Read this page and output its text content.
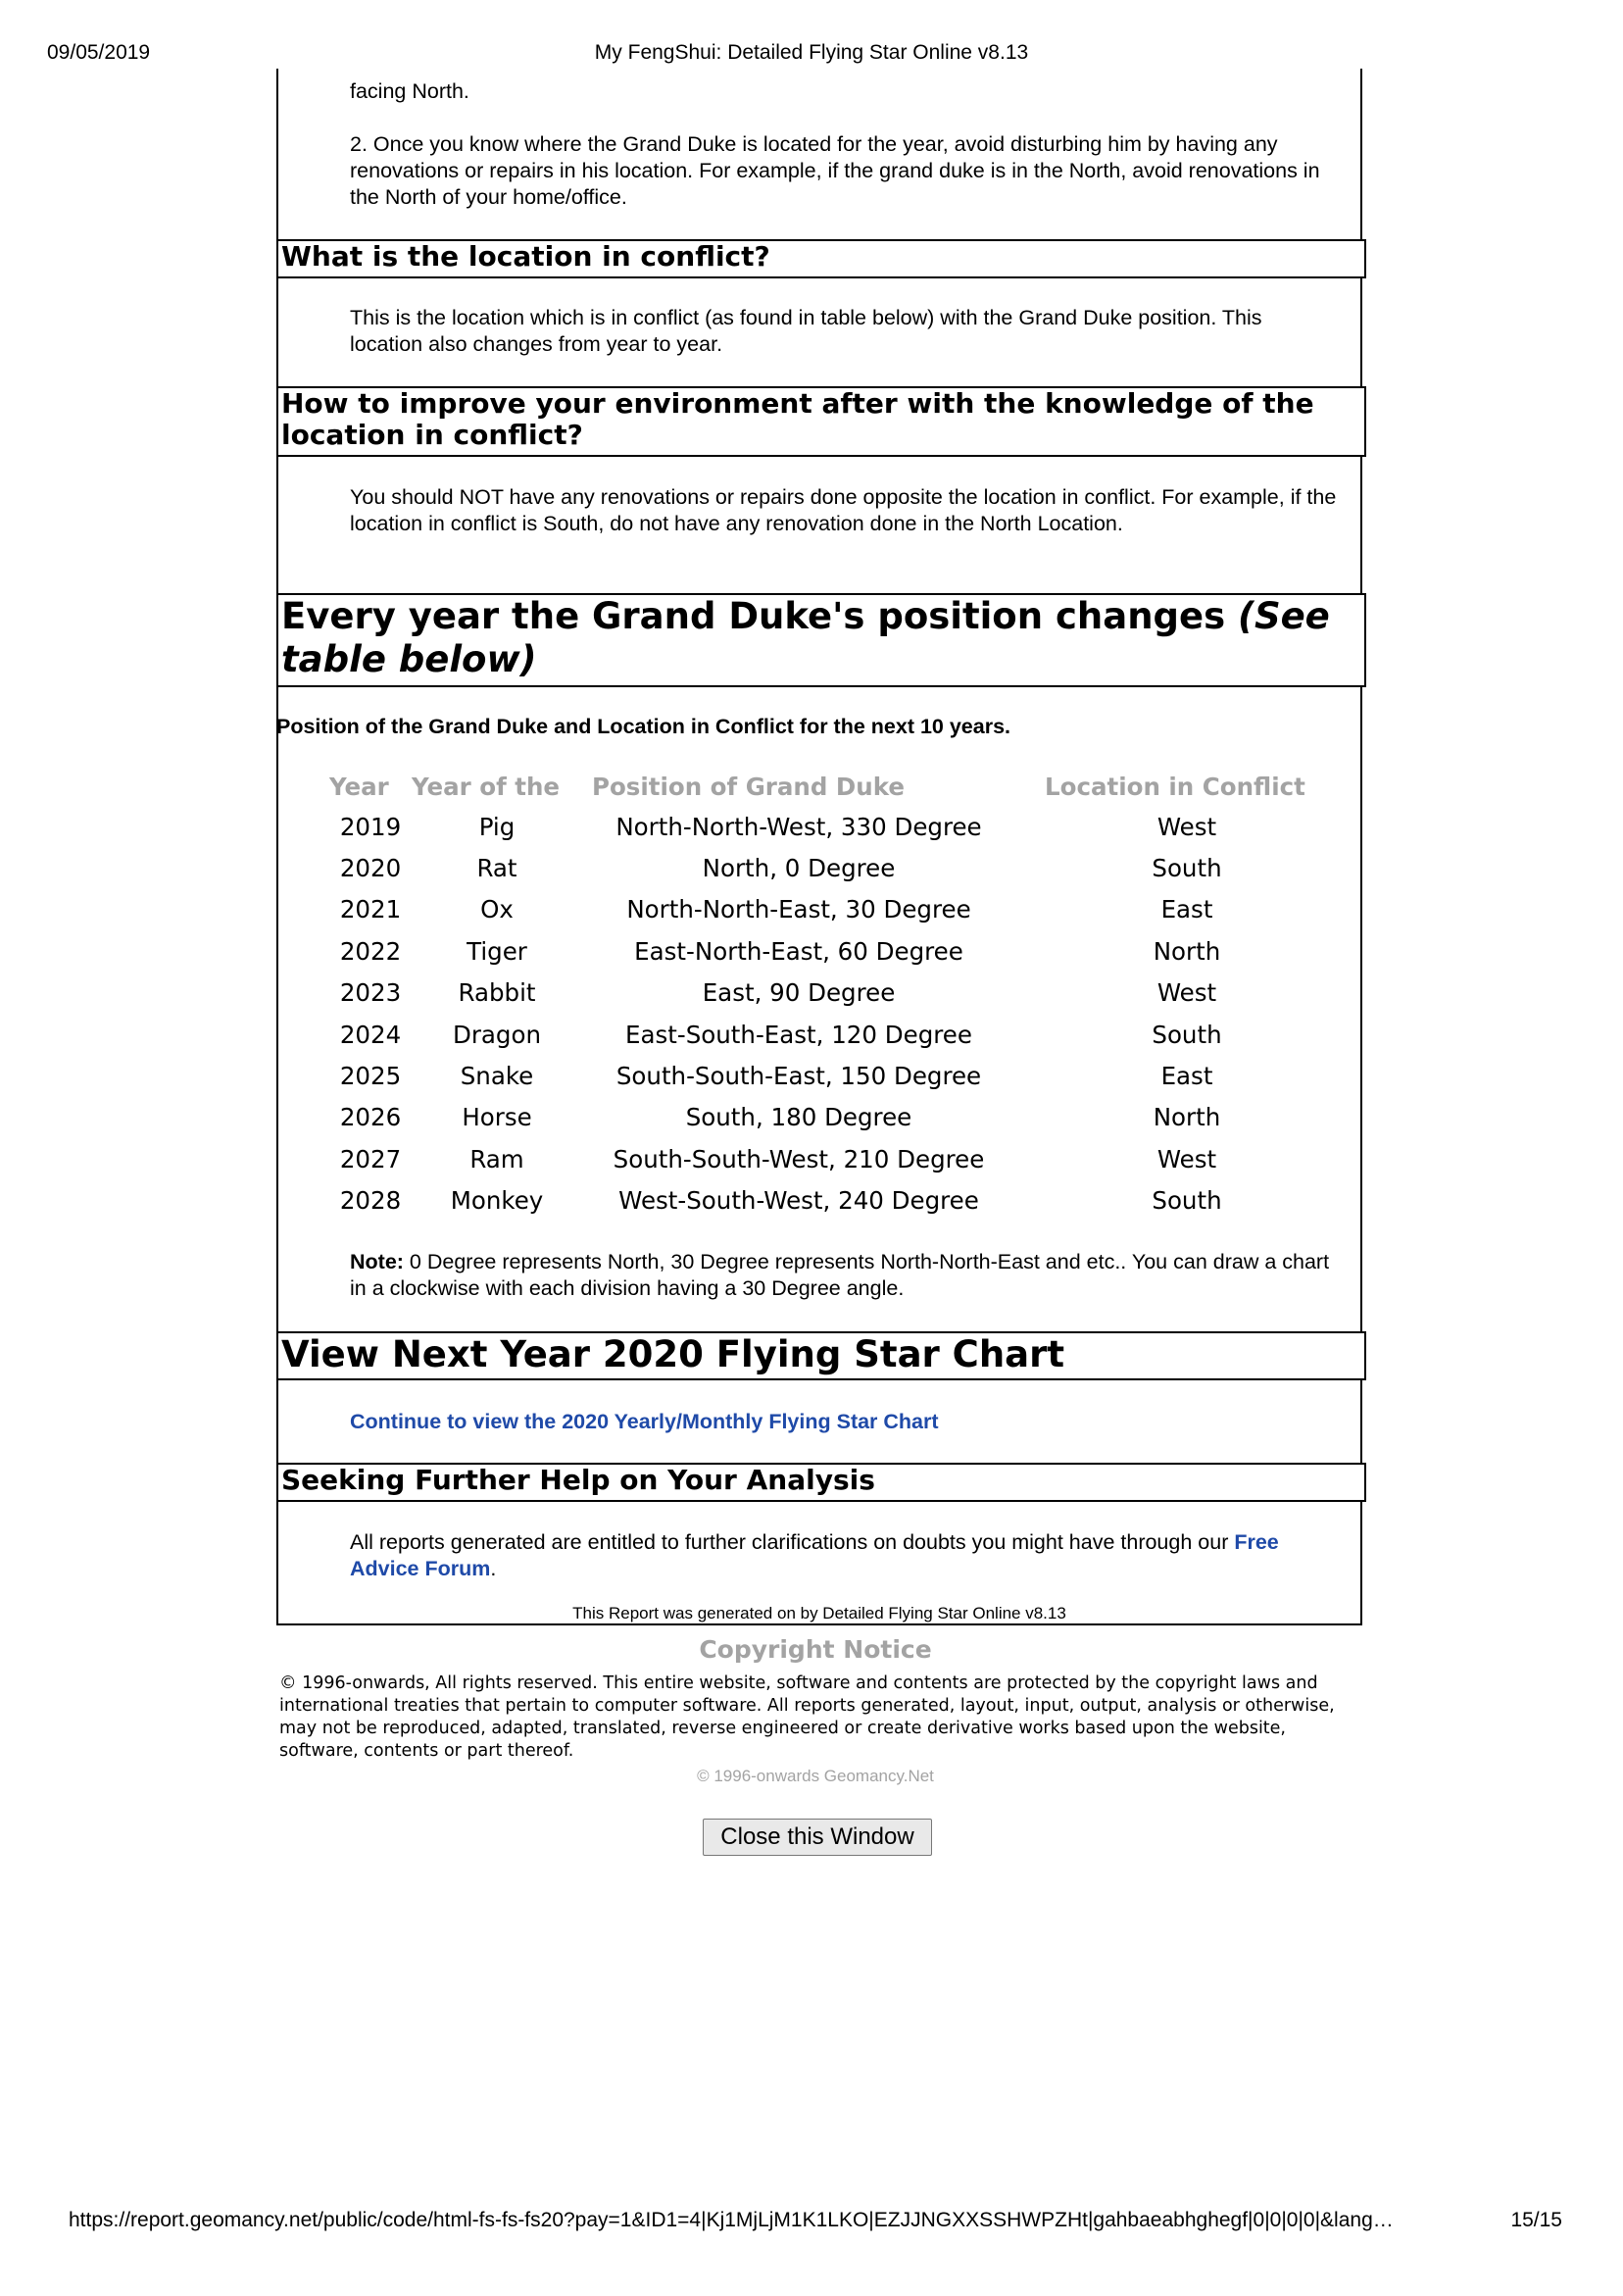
09/05/2019	My FengShui: Detailed Flying Star Online v8.13
facing North.
2. Once you know where the Grand Duke is located for the year, avoid disturbing him by having any renovations or repairs in his location. For example, if the grand duke is in the North, avoid renovations in the North of your home/office.
What is the location in conflict?
This is the location which is in conflict (as found in table below) with the Grand Duke position. This location also changes from year to year.
How to improve your environment after with the knowledge of the location in conflict?
You should NOT have any renovations or repairs done opposite the location in conflict. For example, if the location in conflict is South, do not have any renovation done in the North Location.
Every year the Grand Duke's position changes (See table below)
Position of the Grand Duke and Location in Conflict for the next 10 years.
Year	Year of the	Position of Grand Duke	Location in Conflict
2019	Pig	North-North-West, 330 Degree	West
2020	Rat	North, 0 Degree	South
2021	Ox	North-North-East, 30 Degree	East
2022	Tiger	East-North-East, 60 Degree	North
2023	Rabbit	East, 90 Degree	West
2024	Dragon	East-South-East, 120 Degree	South
2025	Snake	South-South-East, 150 Degree	East
2026	Horse	South, 180 Degree	North
2027	Ram	South-South-West, 210 Degree	West
2028	Monkey	West-South-West, 240 Degree	South
Note: 0 Degree represents North, 30 Degree represents North-North-East and etc.. You can draw a chart in a clockwise with each division having a 30 Degree angle.
View Next Year 2020 Flying Star Chart
Continue to view the 2020 Yearly/Monthly Flying Star Chart
Seeking Further Help on Your Analysis
All reports generated are entitled to further clarifications on doubts you might have through our Free Advice Forum.
This Report was generated on by Detailed Flying Star Online v8.13
Copyright Notice
© 1996-onwards, All rights reserved. This entire website, software and contents are protected by the copyright laws and international treaties that pertain to computer software. All reports generated, layout, input, output, analysis or otherwise, may not be reproduced, adapted, translated, reverse engineered or create derivative works based upon the website, software, contents or part thereof.
© 1996-onwards Geomancy.Net
Close this Window
https://report.geomancy.net/public/code/html-fs-fs-fs20?pay=1&ID1=4|Kj1MjLjM1K1LKO|EZJJNGXXSSHWPZHt|gahbaeabhghegf|0|0|0|0|&lang…	15/15
